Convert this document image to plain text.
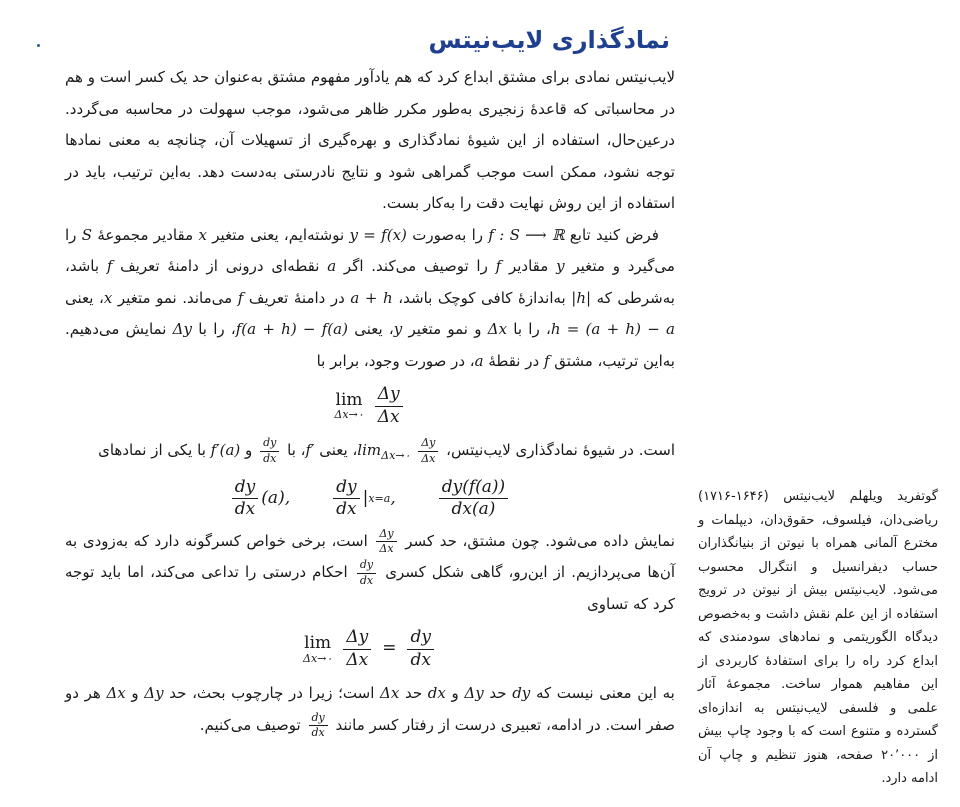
نمادگذاری لایب‌نیتس

لایب‌نیتس نمادی برای مشتق ابداع کرد که هم یادآور مفهوم مشتق به‌عنوان حد یک کسر است و هم در محاسباتی که قاعدهٔ زنجیری به‌طور مکرر ظاهر می‌شود، موجب سهولت در محاسبه می‌گردد. درعین‌حال، استفاده از این شیوهٔ نمادگذاری و بهره‌گیری از تسهیلات آن، چنانچه به معنی نمادها توجه نشود، ممکن است موجب گمراهی شود و نتایج نادرستی به‌دست دهد. به‌این ترتیب، باید در استفاده از این روش نهایت دقت را به‌کار بست.

فرض کنید تابع f : S ⟶ ℝ را به‌صورت y = f(x) نوشته‌ایم، یعنی متغیر x مقادیر مجموعهٔ S را می‌گیرد و متغیر y مقادیر f را توصیف می‌کند. اگر a نقطه‌ای درونی از دامنهٔ تعریف f باشد، به‌شرطی که |h| به‌اندازهٔ کافی کوچک باشد، a + h در دامنهٔ تعریف f می‌ماند. نمو متغیر x، یعنی h = (a + h) − a، را با Δx و نمو متغیر y، یعنی f(a + h) − f(a)، را با Δy نمایش می‌دهیم. به‌این ترتیب، مشتق f در نقطهٔ a، در صورت وجود، برابر با

lim
Δx→۰ $\frac{\Delta y}{\Delta x}$

است. در شیوهٔ نمادگذاری لایب‌نیتس، $\lim_{\Delta x\to ۰} \frac{\Delta y}{\Delta x}$
، یعنی f′، با
$\frac{dy}{dx}$
و f′(a) با یکی از نمادهای

$\frac{dy}{dx} (a)$,	$\frac{dy}{dx}$ | x=a ,	$\frac{dy(f(a))}{dx(a)}$

نمایش داده می‌شود. چون مشتق، حد کسر
$\frac{\Delta y}{\Delta x}$
است، برخی خواص کسرگونه دارد که به‌زودی به آن‌ها می‌پردازیم. از این‌رو، گاهی شکل کسری
$\frac{dy}{dx}$
احکام درستی را تداعی می‌کند، اما باید توجه کرد که تساوی

lim
Δx→۰ $\frac{\Delta y}{\Delta x} = \frac{dy}{dx}$

به این معنی نیست که dy حد Δy و dx حد Δx است؛ زیرا در چارچوب بحث، حد Δy و Δx هر دو صفر است. در ادامه، تعبیری درست از رفتار کسر مانند
$\frac{dy}{dx}$
توصیف می‌کنیم.

گوتفرید ویلهلم لایب‌نیتس (۱۶۴۶-۱۷۱۶) ریاضی‌دان، فیلسوف، حقوق‌دان، دیپلمات و مخترع آلمانی همراه با نیوتن از بنیانگذاران حساب دیفرانسیل و انتگرال محسوب می‌شود. لایب‌نیتس بیش از نیوتن در ترویج استفاده از این علم نقش داشت و به‌خصوص دیدگاه الگوریتمی و نمادهای سودمندی که ابداع کرد راه را برای استفادهٔ کاربردی از این مفاهیم هموار ساخت. مجموعهٔ آثار علمی و فلسفی لایب‌نیتس به اندازه‌ای گسترده و متنوع است که با وجود چاپ بیش از ۲۰٬۰۰۰ صفحه، هنوز تنظیم و چاپ آن ادامه دارد.
